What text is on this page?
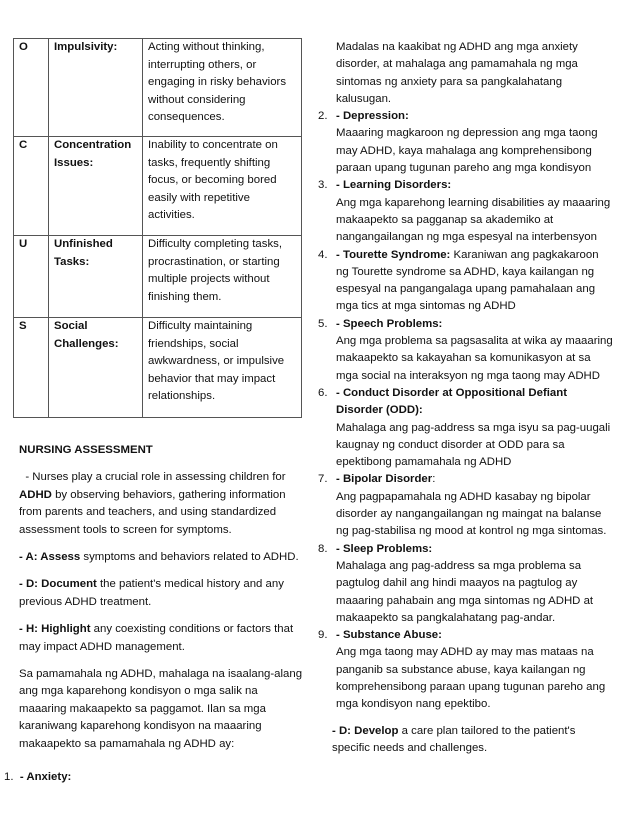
O	Impulsivity:	Acting without thinking, interrupting others, or engaging in risky behaviors without considering consequences.
C	Concentration Issues:	Inability to concentrate on tasks, frequently shifting focus, or becoming bored easily with repetitive activities.
U	Unfinished Tasks:	Difficulty completing tasks, procrastination, or starting multiple projects without finishing them.
S	Social Challenges:	Difficulty maintaining friendships, social awkwardness, or impulsive behavior that may impact relationships.

NURSING ASSESSMENT

- Nurses play a crucial role in assessing children for ADHD by observing behaviors, gathering information from parents and teachers, and using standardized assessment tools to screen for symptoms.

- A: Assess symptoms and behaviors related to ADHD.

- D: Document the patient's medical history and any previous ADHD treatment.

- H: Highlight any coexisting conditions or factors that may impact ADHD management.

Sa pamamahala ng ADHD, mahalaga na isaalang-alang ang mga kaparehong kondisyon o mga salik na maaaring makaapekto sa paggamot. Ilan sa mga karaniwang kaparehong kondisyon na maaaring makaapekto sa pamamahala ng ADHD ay:

1. - Anxiety:

Madalas na kaakibat ng ADHD ang mga anxiety disorder, at mahalaga ang pamamahala ng mga sintomas ng anxiety para sa pangkalahatang kalusugan.

2. - Depression:
Maaaring magkaroon ng depression ang mga taong may ADHD, kaya mahalaga ang komprehensibong paraan upang tugunan pareho ang mga kondisyon
3. - Learning Disorders:
Ang mga kaparehong learning disabilities ay maaaring makaapekto sa pagganap sa akademiko at nangangailangan ng mga espesyal na interbensyon
4. - Tourette Syndrome: Karaniwan ang pagkakaroon ng Tourette syndrome sa ADHD, kaya kailangan ng espesyal na pangangalaga upang pamahalaan ang mga tics at mga sintomas ng ADHD
5. - Speech Problems:
Ang mga problema sa pagsasalita at wika ay maaaring makaapekto sa kakayahan sa komunikasyon at sa mga social na interaksyon ng mga taong may ADHD
6. - Conduct Disorder at Oppositional Defiant Disorder (ODD):
Mahalaga ang pag-address sa mga isyu sa pag-uugali kaugnay ng conduct disorder at ODD para sa epektibong pamamahala ng ADHD
7. - Bipolar Disorder:
Ang pagpapamahala ng ADHD kasabay ng bipolar disorder ay nangangailangan ng maingat na balanse ng pag-stabilisa ng mood at kontrol ng mga sintomas.
8. - Sleep Problems:
Mahalaga ang pag-address sa mga problema sa pagtulog dahil ang hindi maayos na pagtulog ay maaaring pahabain ang mga sintomas ng ADHD at makaapekto sa pangkalahatang pag-andar.
9. - Substance Abuse:
Ang mga taong may ADHD ay may mas mataas na panganib sa substance abuse, kaya kailangan ng komprehensibong paraan upang tugunan pareho ang mga kondisyon nang epektibo.

- D: Develop a care plan tailored to the patient's specific needs and challenges.
